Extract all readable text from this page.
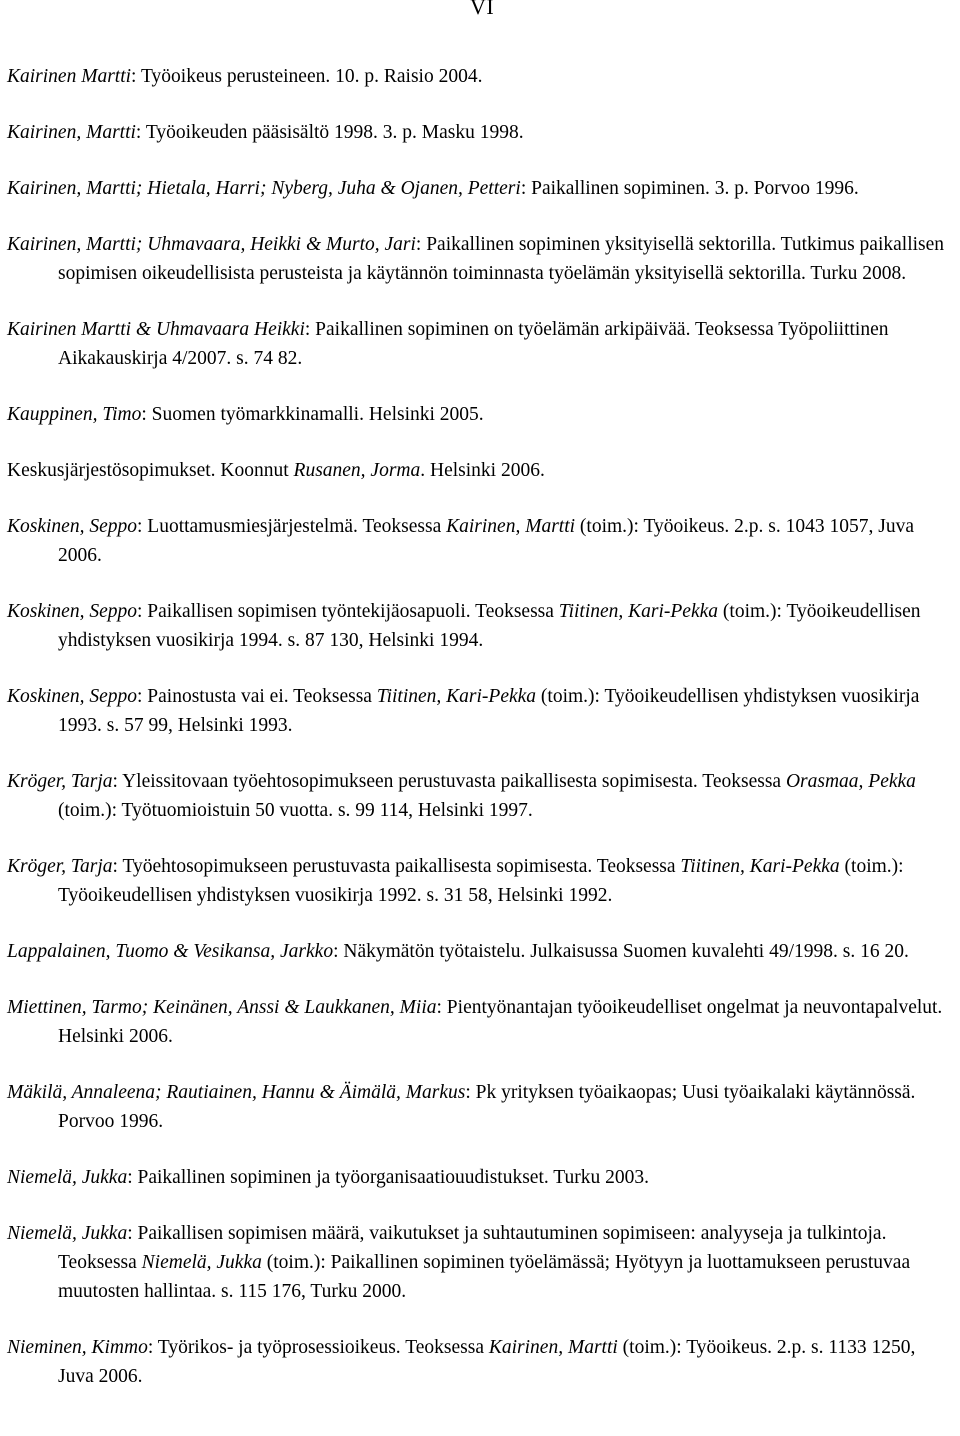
VI

Kairinen Martti: Työoikeus perusteineen. 10. p. Raisio 2004.

Kairinen, Martti: Työoikeuden pääsisältö 1998. 3. p. Masku 1998.

Kairinen, Martti; Hietala, Harri; Nyberg, Juha & Ojanen, Petteri: Paikallinen sopiminen. 3. p. Porvoo 1996.

Kairinen, Martti; Uhmavaara, Heikki & Murto, Jari: Paikallinen sopiminen yksityisellä sektorilla. Tutkimus paikallisen sopimisen oikeudellisista perusteista ja käytännön toiminnasta työelämän yksityisellä sektorilla. Turku 2008.

Kairinen Martti & Uhmavaara Heikki: Paikallinen sopiminen on työelämän arkipäivää. Teoksessa Työpoliittinen Aikakauskirja 4/2007. s. 74 82.

Kauppinen, Timo: Suomen työmarkkinamalli. Helsinki 2005.

Keskusjärjestösopimukset. Koonnut Rusanen, Jorma. Helsinki 2006.

Koskinen, Seppo: Luottamusmiesjärjestelmä. Teoksessa Kairinen, Martti (toim.): Työoikeus. 2.p. s. 1043 1057, Juva 2006.

Koskinen, Seppo: Paikallisen sopimisen työntekijäosapuoli. Teoksessa Tiitinen, Kari-Pekka (toim.): Työoikeudellisen yhdistyksen vuosikirja 1994. s. 87 130, Helsinki 1994.

Koskinen, Seppo: Painostusta vai ei. Teoksessa Tiitinen, Kari-Pekka (toim.): Työoikeudellisen yhdistyksen vuosikirja 1993. s. 57 99, Helsinki 1993.

Kröger, Tarja: Yleissitovaan työehtosopimukseen perustuvasta paikallisesta sopimisesta. Teoksessa Orasmaa, Pekka (toim.): Työtuomioistuin 50 vuotta. s. 99 114, Helsinki 1997.

Kröger, Tarja: Työehtosopimukseen perustuvasta paikallisesta sopimisesta. Teoksessa Tiitinen, Kari-Pekka (toim.): Työoikeudellisen yhdistyksen vuosikirja 1992. s. 31 58, Helsinki 1992.

Lappalainen, Tuomo & Vesikansa, Jarkko: Näkymätön työtaistelu. Julkaisussa Suomen kuvalehti 49/1998. s. 16 20.

Miettinen, Tarmo; Keinänen, Anssi & Laukkanen, Miia: Pientyönantajan työoikeudelliset ongelmat ja neuvontapalvelut. Helsinki 2006.

Mäkilä, Annaleena; Rautiainen, Hannu & Äimälä, Markus: Pk yrityksen työaikaopas; Uusi työaikalaki käytännössä. Porvoo 1996.

Niemelä, Jukka: Paikallinen sopiminen ja työorganisaatiouudistukset. Turku 2003.

Niemelä, Jukka: Paikallisen sopimisen määrä, vaikutukset ja suhtautuminen sopimiseen: analyyseja ja tulkintoja. Teoksessa Niemelä, Jukka (toim.): Paikallinen sopiminen työelämässä; Hyötyyn ja luottamukseen perustuvaa muutosten hallintaa. s. 115 176, Turku 2000.

Nieminen, Kimmo: Työrikos- ja työprosessioikeus. Teoksessa Kairinen, Martti (toim.): Työoikeus. 2.p. s. 1133 1250, Juva 2006.
